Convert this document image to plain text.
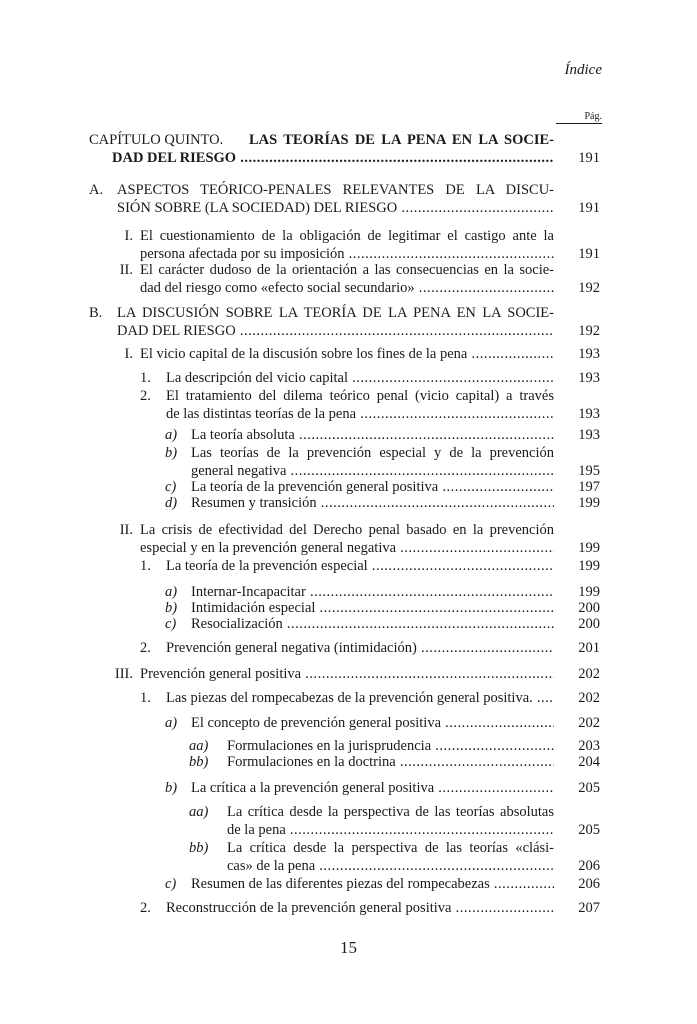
Índice
Pág.
CAPÍTULO QUINTO. LAS TEORÍAS DE LA PENA EN LA SOCIE-
DAD DEL RIESGO .....	191
A. ASPECTOS TEÓRICO-PENALES RELEVANTES DE LA DISCU-
SIÓN SOBRE (LA SOCIEDAD) DEL RIESGO .....	191
I. El cuestionamiento de la obligación de legitimar el castigo ante la
persona afectada por su imposición .....	191
II. El carácter dudoso de la orientación a las consecuencias en la socie-
dad del riesgo como «efecto social secundario» .....	192
B. LA DISCUSIÓN SOBRE LA TEORÍA DE LA PENA EN LA SOCIE-
DAD DEL RIESGO .....	192
I. El vicio capital de la discusión sobre los fines de la pena .....	193
1. La descripción del vicio capital .....	193
2. El tratamiento del dilema teórico penal (vicio capital) a través
de las distintas teorías de la pena .....	193
a) La teoría absoluta .....	193
b) Las teorías de la prevención especial y de la prevención
general negativa .....	195
c) La teoría de la prevención general positiva .....	197
d) Resumen y transición .....	199
II. La crisis de efectividad del Derecho penal basado en la prevención
especial y en la prevención general negativa .....	199
1. La teoría de la prevención especial .....	199
a) Internar-Incapacitar .....	199
b) Intimidación especial .....	200
c) Resocialización .....	200
2. Prevención general negativa (intimidación) .....	201
III. Prevención general positiva .....	202
1. Las piezas del rompecabezas de la prevención general positiva. .....	202
a) El concepto de prevención general positiva .....	202
aa) Formulaciones en la jurisprudencia .....	203
bb) Formulaciones en la doctrina .....	204
b) La crítica a la prevención general positiva .....	205
aa) La crítica desde la perspectiva de las teorías absolutas
de la pena .....	205
bb) La crítica desde la perspectiva de las teorías «clási-
cas» de la pena .....	206
c) Resumen de las diferentes piezas del rompecabezas .....	206
2. Reconstrucción de la prevención general positiva .....	207
15
